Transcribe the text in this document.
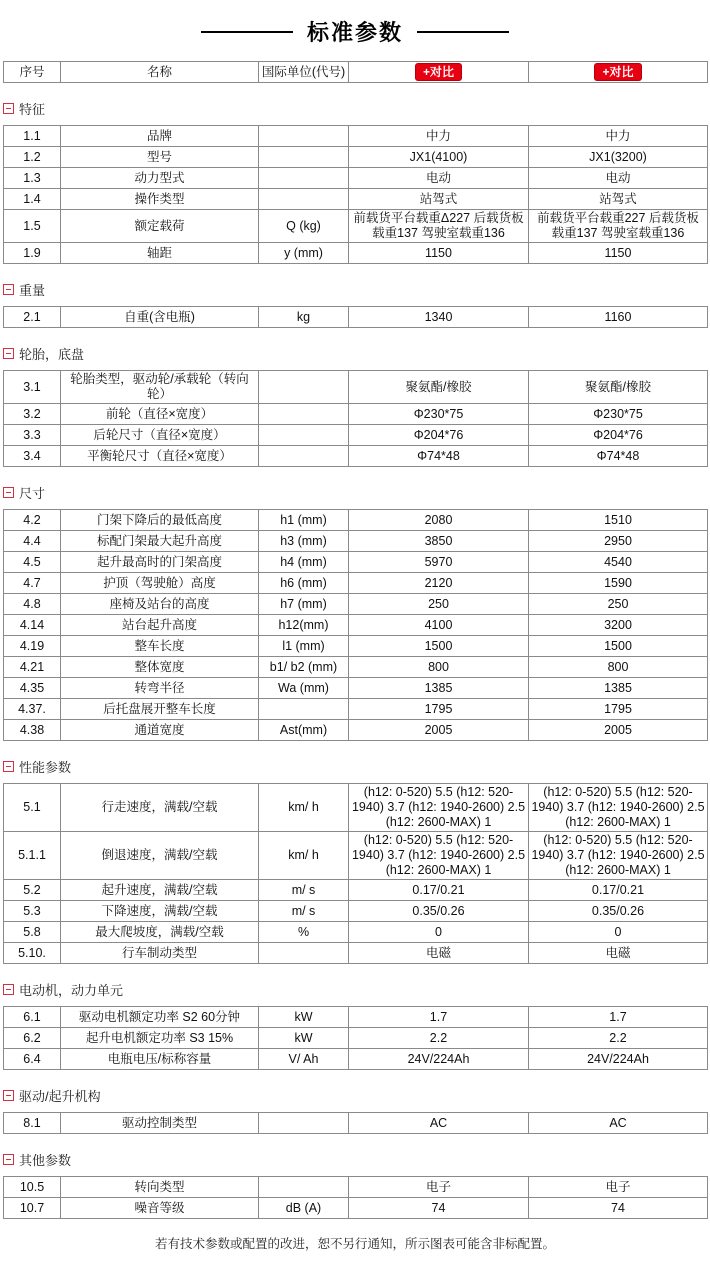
标准参数
序号	名称	国际单位(代号)	+对比	+对比
特征
1.1	品牌		中力	中力
1.2	型号		JX1(4100)	JX1(3200)
1.3	动力型式		电动	电动
1.4	操作类型		站驾式	站驾式
1.5	额定载荷	Q (kg)	前载货平台载重Δ227 后载货板载重137 驾驶室载重136	前载货平台载重227 后载货板载重137 驾驶室载重136
1.9	轴距	y (mm)	1150	1150
重量
2.1	自重(含电瓶)	kg	1340	1160
轮胎，底盘
3.1	轮胎类型，驱动轮/承载轮（转向轮）		聚氨酯/橡胶	聚氨酯/橡胶
3.2	前轮（直径×宽度）		Φ230*75	Φ230*75
3.3	后轮尺寸（直径×宽度）		Φ204*76	Φ204*76
3.4	平衡轮尺寸（直径×宽度）		Φ74*48	Φ74*48
尺寸
4.2	门架下降后的最低高度	h1 (mm)	2080	1510
4.4	标配门架最大起升高度	h3 (mm)	3850	2950
4.5	起升最高时的门架高度	h4 (mm)	5970	4540
4.7	护顶（驾驶舱）高度	h6 (mm)	2120	1590
4.8	座椅及站台的高度	h7 (mm)	250	250
4.14	站台起升高度	h12(mm)	4100	3200
4.19	整车长度	l1 (mm)	1500	1500
4.21	整体宽度	b1/ b2 (mm)	800	800
4.35	转弯半径	Wa (mm)	1385	1385
4.37.	后托盘展开整车长度		1795	1795
4.38	通道宽度	Ast(mm)	2005	2005
性能参数
5.1	行走速度，满载/空载	km/ h	(h12: 0-520) 5.5 (h12: 520-1940) 3.7 (h12: 1940-2600) 2.5 (h12: 2600-MAX) 1	(h12: 0-520) 5.5 (h12: 520-1940) 3.7 (h12: 1940-2600) 2.5 (h12: 2600-MAX) 1
5.1.1	倒退速度，满载/空载	km/ h	(h12: 0-520) 5.5 (h12: 520-1940) 3.7 (h12: 1940-2600) 2.5 (h12: 2600-MAX) 1	(h12: 0-520) 5.5 (h12: 520-1940) 3.7 (h12: 1940-2600) 2.5 (h12: 2600-MAX) 1
5.2	起升速度，满载/空载	m/ s	0.17/0.21	0.17/0.21
5.3	下降速度，满载/空载	m/ s	0.35/0.26	0.35/0.26
5.8	最大爬坡度，满载/空载	%	0	0
5.10.	行车制动类型		电磁	电磁
电动机，动力单元
6.1	驱动电机额定功率 S2 60分钟	kW	1.7	1.7
6.2	起升电机额定功率 S3 15%	kW	2.2	2.2
6.4	电瓶电压/标称容量	V/ Ah	24V/224Ah	24V/224Ah
驱动/起升机构
8.1	驱动控制类型		AC	AC
其他参数
10.5	转向类型		电子	电子
10.7	噪音等级	dB (A)	74	74
若有技术参数或配置的改进，恕不另行通知，所示图表可能含非标配置。
